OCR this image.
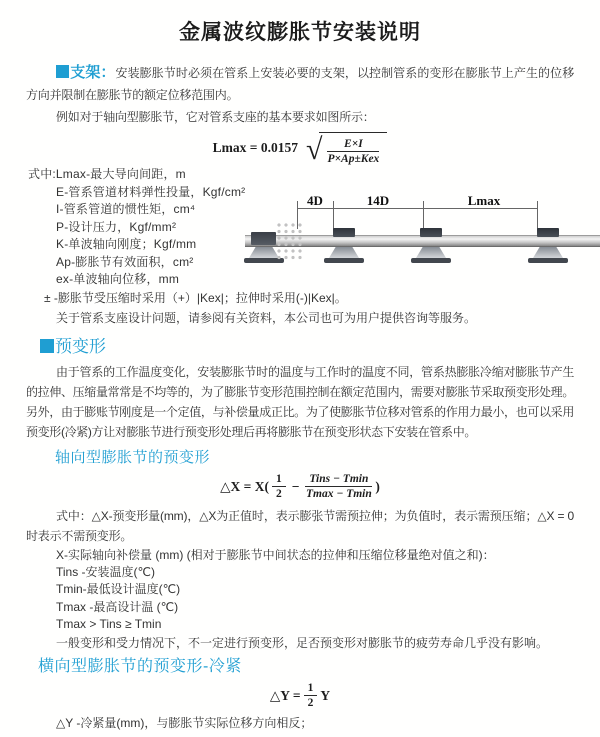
金属波纹膨胀节安装说明

支架：安装膨胀节时必须在管系上安装必要的支架，以控制管系的变形在膨胀节上产生的位移方向并限制在膨胀节的额定位移范围内。

例如对于轴向型膨胀节，它对管系支座的基本要求如图所示：

Lmax = 0.0157 √ $\frac{E\times I}{\text{P×Ap±Kex}}$
式中:Lmax-最大导向间距，m
E-管系管道材料弹性投量，Kgf/cm²
I-管系管道的惯性矩，cm⁴
P-设计压力，Kgf/mm²
K-单波轴向刚度；Kgf/mm
Ap-膨胀节有效面积，cm²
ex-单波轴向位移，mm
± -膨胀节受压缩时采用（+）|Kex|；拉伸时采用(-)|Kex|。
关于管系支座设计问题，请参阅有关资料，本公司也可为用户提供咨询等服务。
4D	14D	Lmax
预变形

由于管系的工作温度变化，安装膨胀节时的温度与工作时的温度不同，管系热膨胀冷缩对膨胀节产生的拉伸、压缩量常常是不均等的，为了膨胀节变形范围控制在额定范围内，需要对膨胀节采取预变形处理。另外，由于膨账节刚度是一个定值，与补偿量成正比。为了使膨胀节位移对管系的作用力最小，也可以采用预变形(冷紧)方让对膨胀节进行预变形处理后再将膨胀节在预变形状态下安装在管系中。

轴向型膨胀节的预变形
△X = $X( \frac{1}{2} - \frac{\text{Tins − Tmin}}{Tmax - Tmin}$ )

式中：△X-预变形量(mm)，△X为正值时，表示膨张节需预拉伸；为负值时，表示需预压缩；△X = 0时表示不需预变形。

X-实际轴向补偿量 (mm) (相对于膨胀节中间状态的拉伸和压缩位移量绝对值之和)：
Tins -安装温度(℃)
Tmin-最低设计温度(℃)
Tmax -最高设计温 (℃)
Tmax > Tins ≥ Tmin

一般变形和受力情况下，不一定进行预变形，足否预变形对膨胀节的疲劳寿命几乎没有影响。

横向型膨胀节的预变形-冷紧
△Y = $\frac{1}{2}$ Y
△Y -冷紧量(mm)，与膨胀节实际位移方向相反；
